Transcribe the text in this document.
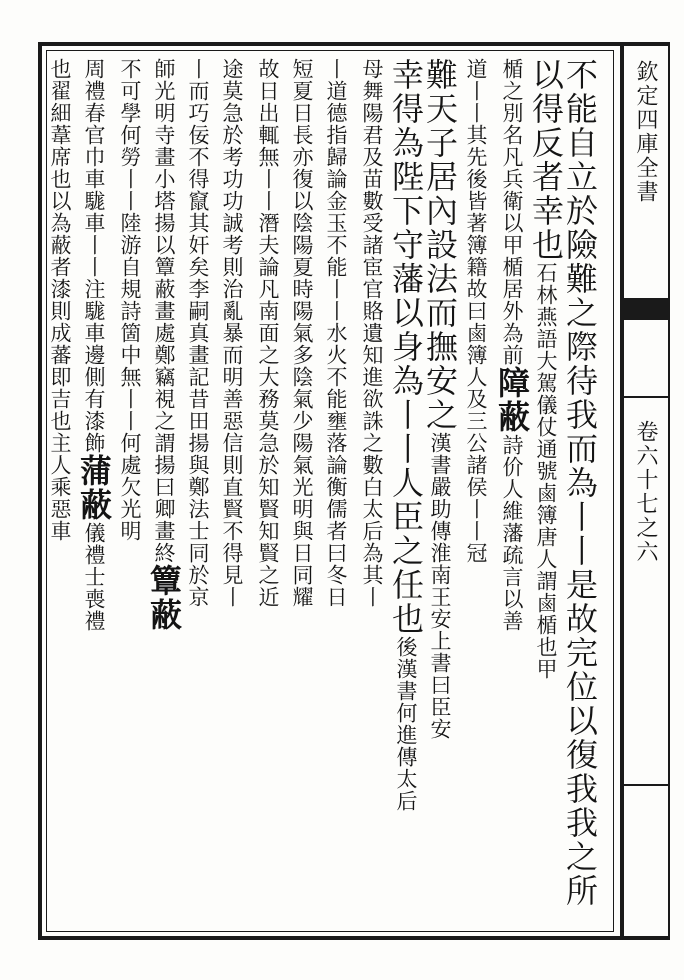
欽定四庫全書
卷六十七之六
不能自立於險難之際待我而為丨丨是故完位以復我我之所
以得反者幸也石林燕語大駕儀仗通號鹵簿唐人謂鹵楯也甲
楯之別名凡兵衛以甲楯居外為前障蔽詩价人維藩疏言以善
道丨丨其先後皆著簿籍故曰鹵簿人及三公諸侯丨丨冠
難天子居內設法而撫安之漢書嚴助傳淮南王安上書曰臣安
幸得為陛下守藩以身為丨丨人臣之任也後漢書何進傳太后
母舞陽君及苗數受諸宦官賂遺知進欲誅之數白太后為其丨
丨道德指歸論金玉不能丨丨水火不能壅落論衡儒者曰冬日
短夏日長亦復以陰陽夏時陽氣多陰氣少陽氣光明與日同耀
故日出輒無丨丨潛夫論凡南面之大務莫急於知賢知賢之近
途莫急於考功功誠考則治亂暴而明善惡信則直賢不得見丨
丨而巧佞不得竄其奸矣李嗣真畫記昔田揚與鄭法士同於京
師光明寺畫小塔揚以簟蔽畫處鄭竊視之謂揚曰卿畫終簟蔽
不可學何勞丨丨陸游自規詩箇中無丨丨何處欠光明
周禮春官巾車駹車丨丨注駹車邊側有漆飾蒲蔽儀禮士喪禮
也翟細葦席也以為蔽者漆則成蕃即吉也主人乘惡車
